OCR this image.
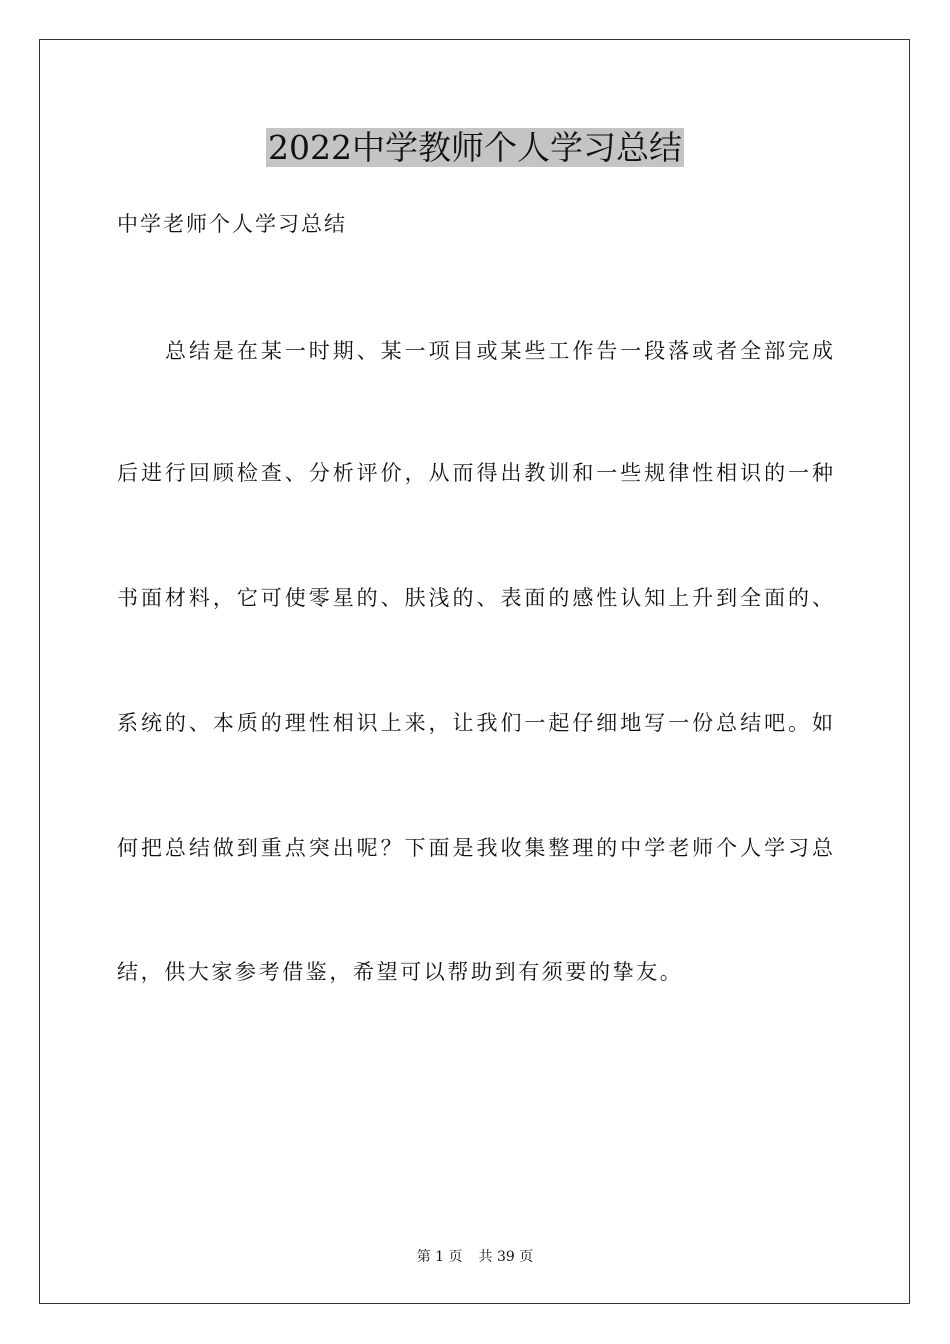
2022中学教师个人学习总结
中学老师个人学习总结
总结是在某一时期、某一项目或某些工作告一段落或者全部完成
后进行回顾检查、分析评价，从而得出教训和一些规律性相识的一种
书面材料，它可使零星的、肤浅的、表面的感性认知上升到全面的、
系统的、本质的理性相识上来，让我们一起仔细地写一份总结吧。如
何把总结做到重点突出呢？下面是我收集整理的中学老师个人学习总
结，供大家参考借鉴，希望可以帮助到有须要的挚友。
第 1 页 共 39 页
